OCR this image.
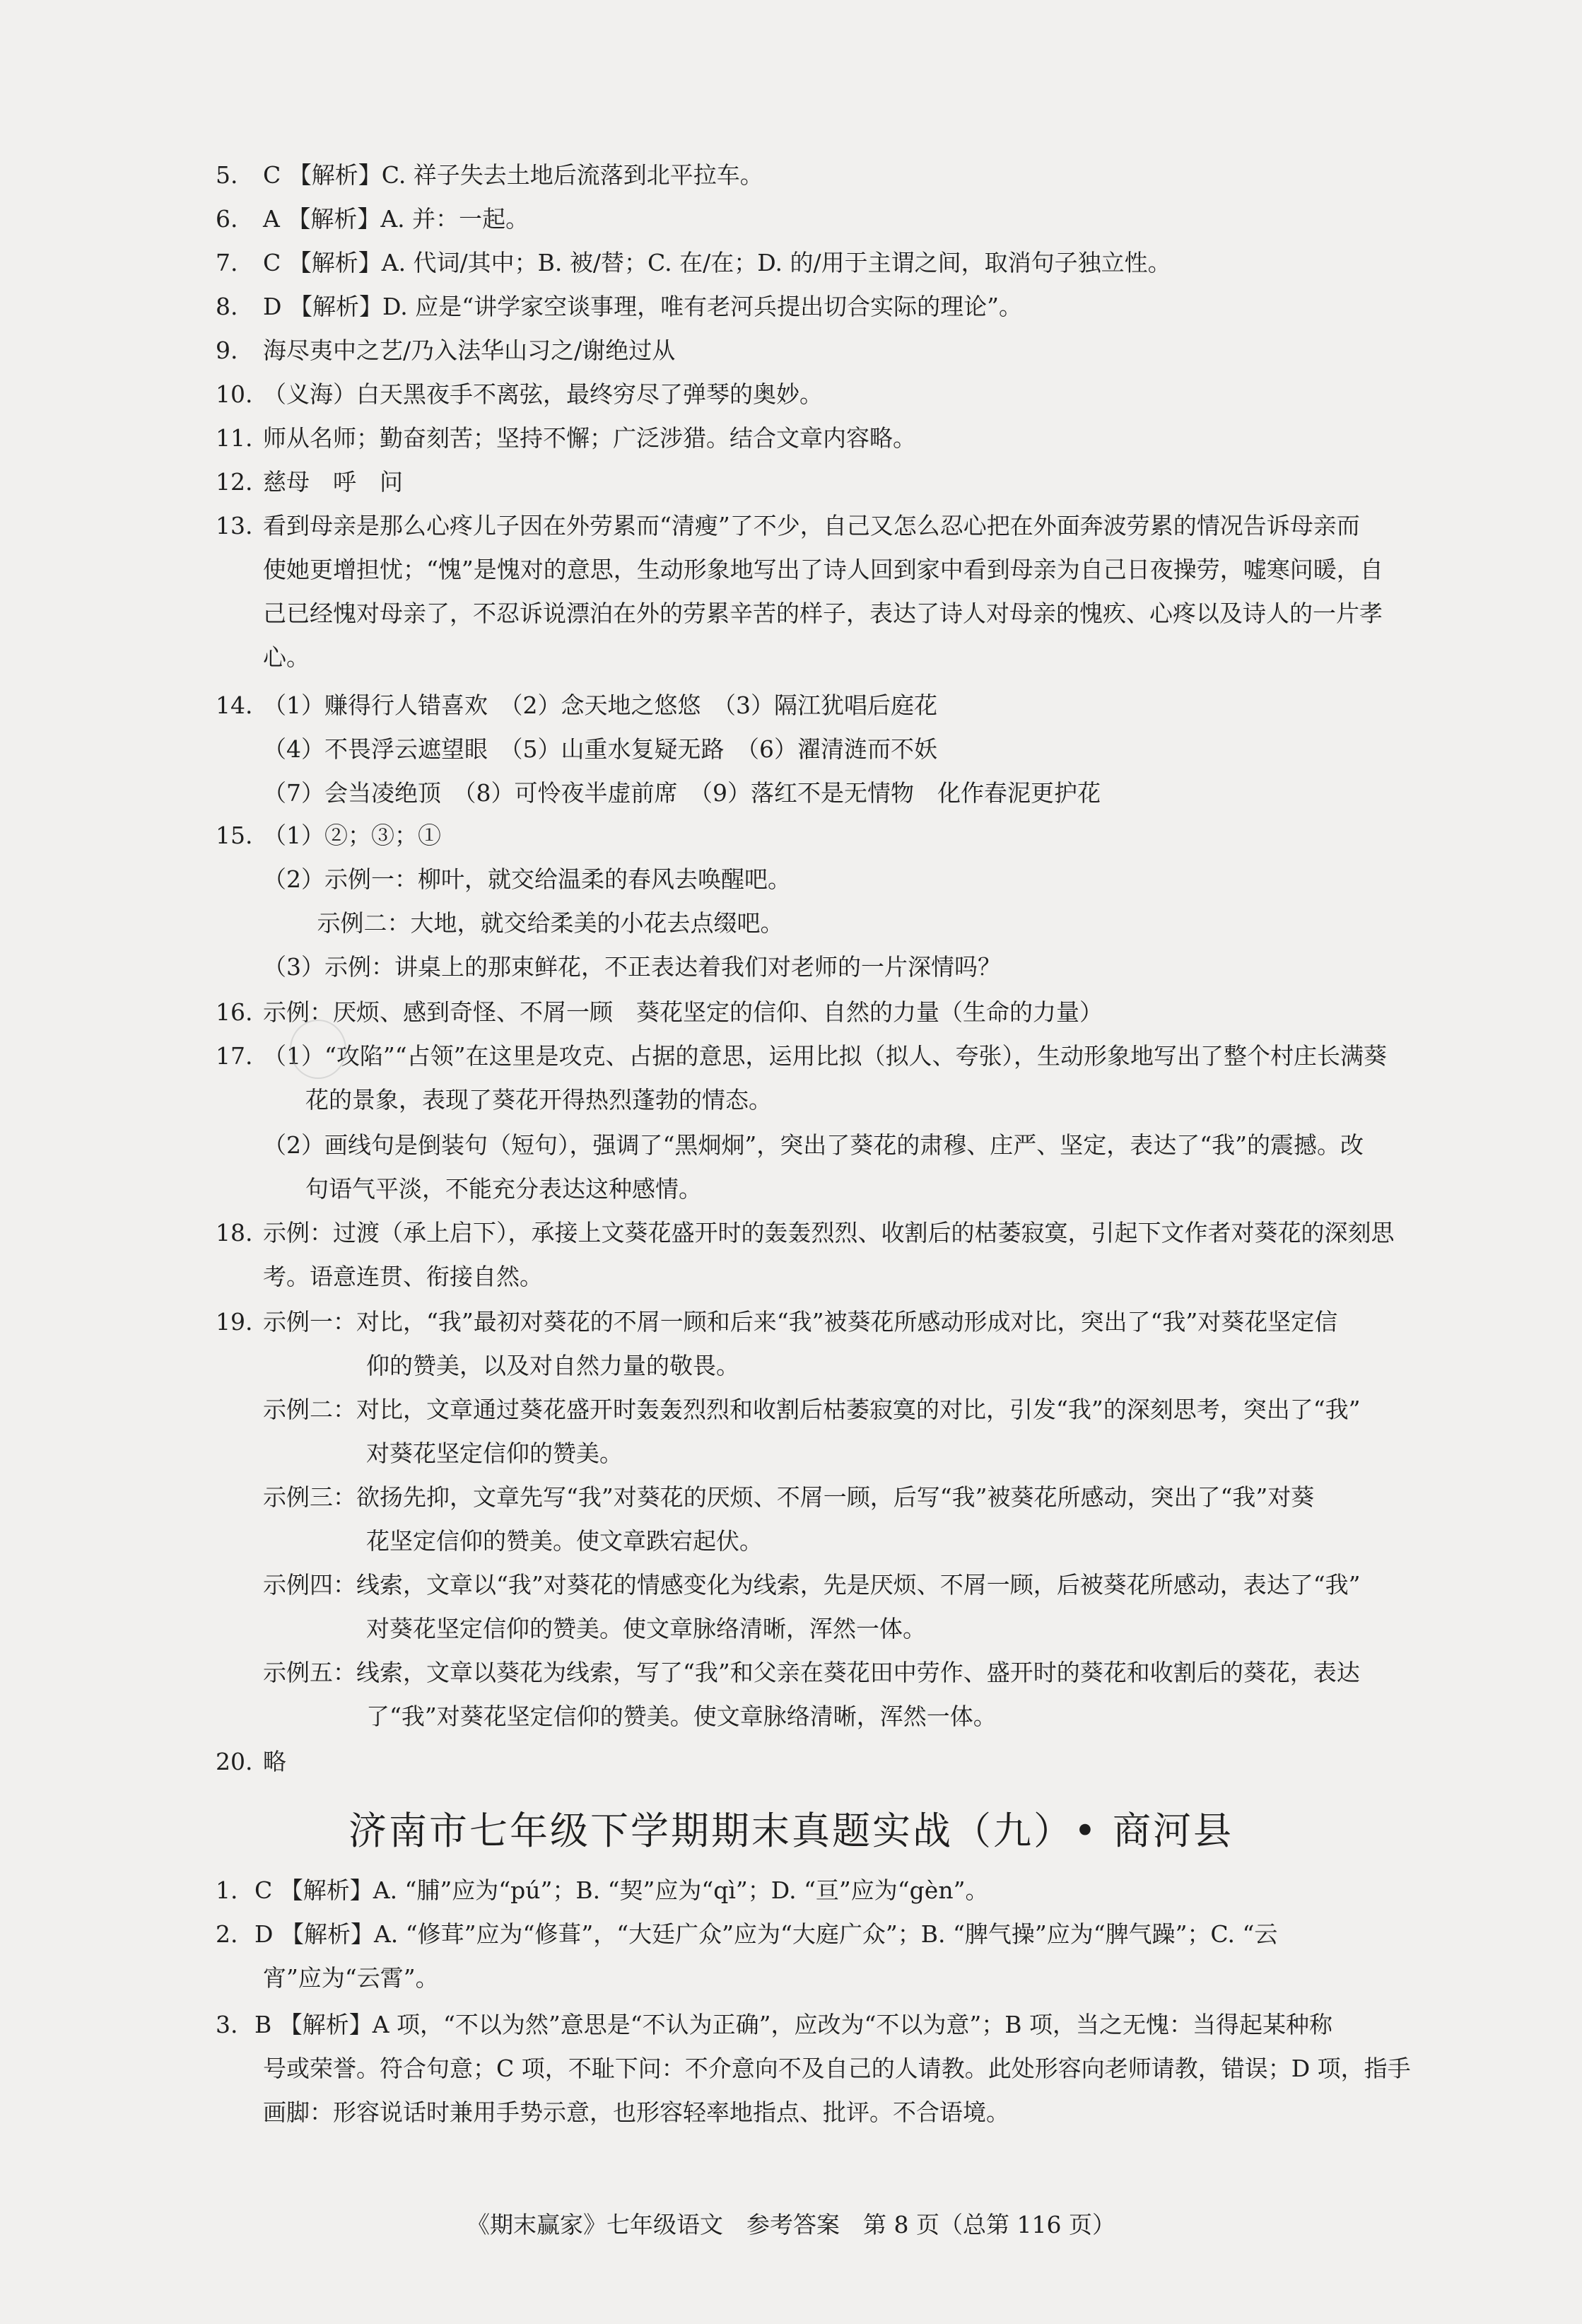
5. C 【解析】C. 祥子失去土地后流落到北平拉车。
6. A 【解析】A. 并：一起。
7. C 【解析】A. 代词/其中；B. 被/替；C. 在/在；D. 的/用于主谓之间，取消句子独立性。
8. D 【解析】D. 应是“讲学家空谈事理，唯有老河兵提出切合实际的理论”。
9. 海尽夷中之艺/乃入法华山习之/谢绝过从
10. （义海）白天黑夜手不离弦，最终穷尽了弹琴的奥妙。
11. 师从名师；勤奋刻苦；坚持不懈；广泛涉猎。结合文章内容略。
12. 慈母　呼　问
13. 看到母亲是那么心疼儿子因在外劳累而“清瘦”了不少，自己又怎么忍心把在外面奔波劳累的情况告诉母亲而
使她更增担忧；“愧”是愧对的意思，生动形象地写出了诗人回到家中看到母亲为自己日夜操劳，嘘寒问暖，自
己已经愧对母亲了，不忍诉说漂泊在外的劳累辛苦的样子，表达了诗人对母亲的愧疚、心疼以及诗人的一片孝
心。
14. （1）赚得行人错喜欢　（2）念天地之悠悠　（3）隔江犹唱后庭花
（4）不畏浮云遮望眼　（5）山重水复疑无路　（6）濯清涟而不妖
（7）会当凌绝顶　（8）可怜夜半虚前席　（9）落红不是无情物　化作春泥更护花
15. （1）②；③；①
（2）示例一：柳叶，就交给温柔的春风去唤醒吧。
　　 示例二：大地，就交给柔美的小花去点缀吧。
（3）示例：讲桌上的那束鲜花，不正表达着我们对老师的一片深情吗？
16. 示例：厌烦、感到奇怪、不屑一顾　葵花坚定的信仰、自然的力量（生命的力量）
17. （1）“攻陷”“占领”在这里是攻克、占据的意思，运用比拟（拟人、夸张），生动形象地写出了整个村庄长满葵
花的景象，表现了葵花开得热烈蓬勃的情态。
（2）画线句是倒装句（短句），强调了“黑炯炯”，突出了葵花的肃穆、庄严、坚定，表达了“我”的震撼。改
句语气平淡，不能充分表达这种感情。
18. 示例：过渡（承上启下），承接上文葵花盛开时的轰轰烈烈、收割后的枯萎寂寞，引起下文作者对葵花的深刻思
考。语意连贯、衔接自然。
19. 示例一：对比，“我”最初对葵花的不屑一顾和后来“我”被葵花所感动形成对比，突出了“我”对葵花坚定信
仰的赞美，以及对自然力量的敬畏。
示例二：对比，文章通过葵花盛开时轰轰烈烈和收割后枯萎寂寞的对比，引发“我”的深刻思考，突出了“我”
对葵花坚定信仰的赞美。
示例三：欲扬先抑，文章先写“我”对葵花的厌烦、不屑一顾，后写“我”被葵花所感动，突出了“我”对葵
花坚定信仰的赞美。使文章跌宕起伏。
示例四：线索，文章以“我”对葵花的情感变化为线索，先是厌烦、不屑一顾，后被葵花所感动，表达了“我”
对葵花坚定信仰的赞美。使文章脉络清晰，浑然一体。
示例五：线索，文章以葵花为线索，写了“我”和父亲在葵花田中劳作、盛开时的葵花和收割后的葵花，表达
了“我”对葵花坚定信仰的赞美。使文章脉络清晰，浑然一体。
20. 略
1. C 【解析】A. “脯”应为“pú”；B. “契”应为“qì”；D. “亘”应为“gèn”。
2. D 【解析】A. “修茸”应为“修葺”，“大廷广众”应为“大庭广众”；B. “脾气操”应为“脾气躁”；C. “云
宵”应为“云霄”。
3. B 【解析】A 项，“不以为然”意思是“不认为正确”，应改为“不以为意”；B 项，当之无愧：当得起某种称
号或荣誉。符合句意；C 项，不耻下问：不介意向不及自己的人请教。此处形容向老师请教，错误；D 项，指手
画脚：形容说话时兼用手势示意，也形容轻率地指点、批评。不合语境。
济南市七年级下学期期末真题实战（九）• 商河县
《期末赢家》七年级语文　参考答案　第 8 页（总第 116 页）
